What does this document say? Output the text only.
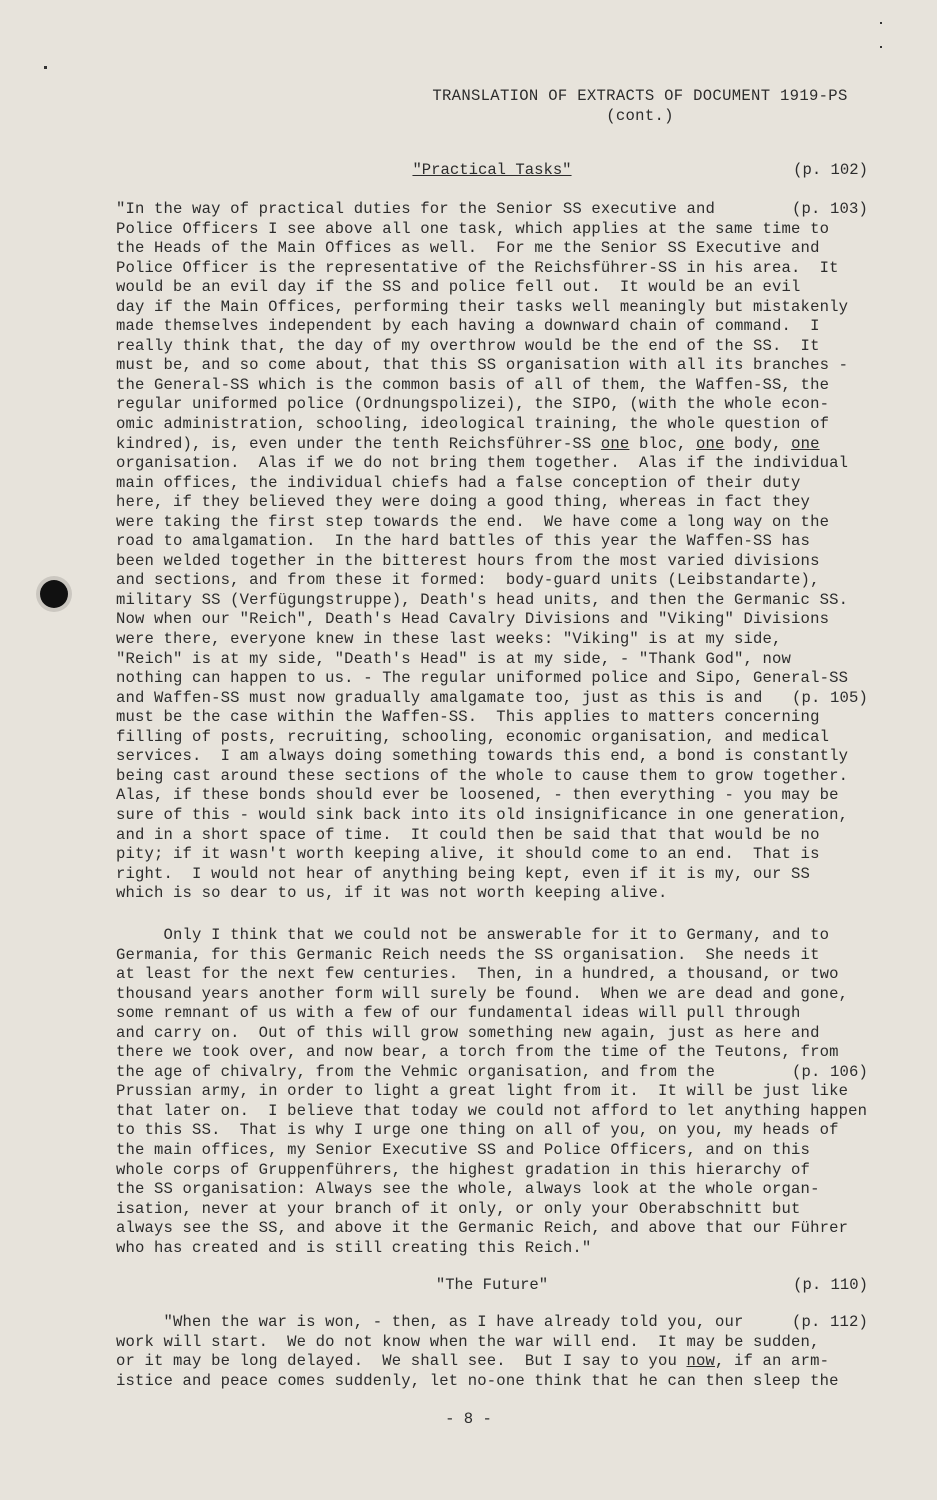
TRANSLATION OF EXTRACTS OF DOCUMENT 1919-PS
(cont.)
"Practical Tasks"	(p. 102)
"In the way of practical duties for the Senior SS executive and	(p. 103)
Police Officers I see above all one task, which applies at the same time to
the Heads of the Main Offices as well.  For me the Senior SS Executive and
Police Officer is the representative of the Reichsführer-SS in his area.  It
would be an evil day if the SS and police fell out.  It would be an evil
day if the Main Offices, performing their tasks well meaningly but mistakenly
made themselves independent by each having a downward chain of command.  I
really think that, the day of my overthrow would be the end of the SS.  It
must be, and so come about, that this SS organisation with all its branches -
the General-SS which is the common basis of all of them, the Waffen-SS, the
regular uniformed police (Ordnungspolizei), the SIPO, (with the whole econ-
omic administration, schooling, ideological training, the whole question of
kindred), is, even under the tenth Reichsführer-SS one bloc, one body, one
organisation.  Alas if we do not bring them together.  Alas if the individual
main offices, the individual chiefs had a false conception of their duty
here, if they believed they were doing a good thing, whereas in fact they
were taking the first step towards the end.  We have come a long way on the
road to amalgamation.  In the hard battles of this year the Waffen-SS has
been welded together in the bitterest hours from the most varied divisions
and sections, and from these it formed:  body-guard units (Leibstandarte),
military SS (Verfügungstruppe), Death's head units, and then the Germanic SS.
Now when our "Reich", Death's Head Cavalry Divisions and "Viking" Divisions
were there, everyone knew in these last weeks: "Viking" is at my side,
"Reich" is at my side, "Death's Head" is at my side, - "Thank God", now
nothing can happen to us. - The regular uniformed police and Sipo, General-SS
and Waffen-SS must now gradually amalgamate too, just as this is and (p. 105)
must be the case within the Waffen-SS.  This applies to matters concerning
filling of posts, recruiting, schooling, economic organisation, and medical
services.  I am always doing something towards this end, a bond is constantly
being cast around these sections of the whole to cause them to grow together.
Alas, if these bonds should ever be loosened, - then everything - you may be
sure of this - would sink back into its old insignificance in one generation,
and in a short space of time.  It could then be said that that would be no
pity; if it wasn't worth keeping alive, it should come to an end.  That is
right.  I would not hear of anything being kept, even if it is my, our SS
which is so dear to us, if it was not worth keeping alive.
Only I think that we could not be answerable for it to Germany, and to
Germania, for this Germanic Reich needs the SS organisation.  She needs it
at least for the next few centuries.  Then, in a hundred, a thousand, or two
thousand years another form will surely be found.  When we are dead and gone,
some remnant of us with a few of our fundamental ideas will pull through
and carry on.  Out of this will grow something new again, just as here and
there we took over, and now bear, a torch from the time of the Teutons, from
the age of chivalry, from the Vehmic organisation, and from the	(p. 106)
Prussian army, in order to light a great light from it.  It will be just like
that later on.  I believe that today we could not afford to let anything happen
to this SS.  That is why I urge one thing on all of you, on you, my heads of
the main offices, my Senior Executive SS and Police Officers, and on this
whole corps of Gruppenführers, the highest gradation in this hierarchy of
the SS organisation: Always see the whole, always look at the whole organ-
isation, never at your branch of it only, or only your Oberabschnitt but
always see the SS, and above it the Germanic Reich, and above that our Führer
who has created and is still creating this Reich."
"The Future"	(p. 110)
"When the war is won, - then, as I have already told you, our	(p. 112)
work will start.  We do not know when the war will end.  It may be sudden,
or it may be long delayed.  We shall see.  But I say to you now, if an arm-
istice and peace comes suddenly, let no-one think that he can then sleep the
- 8 -
